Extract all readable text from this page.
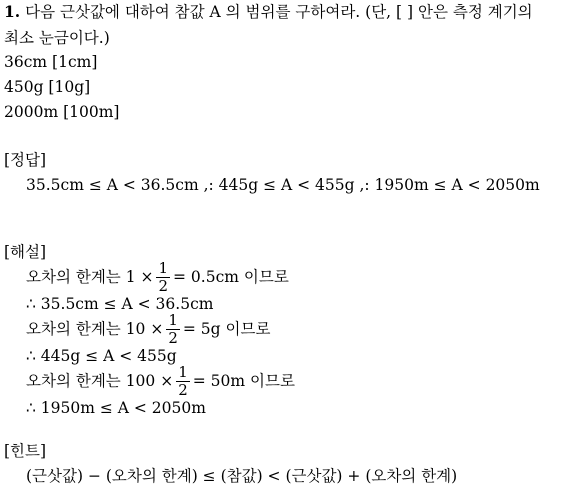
1. 다음 근삿값에 대하여 참값 A 의 범위를 구하여라. (단, [ ] 안은 측정 계기의
최소 눈금이다.)
36cm [1cm]
450g [10g]
2000m [100m]
[정답]
35.5cm ≤ A < 36.5cm ,: 445g ≤ A < 455g ,: 1950m ≤ A < 2050m
[해설]
오차의 한계는 $1 \times \frac{1}{2} = 0.5cm$ 이므로
∴ 35.5cm ≤ A < 36.5cm
오차의 한계는 $10 \times \frac{1}{2} = 5g$ 이므로
∴ 445g ≤ A < 455g
오차의 한계는 $100 \times \frac{1}{2} = 50m$ 이므로
∴ 1950m ≤ A < 2050m
[힌트]
(근삿값) − (오차의 한계) ≤ (참값) < (근삿값) + (오차의 한계)
